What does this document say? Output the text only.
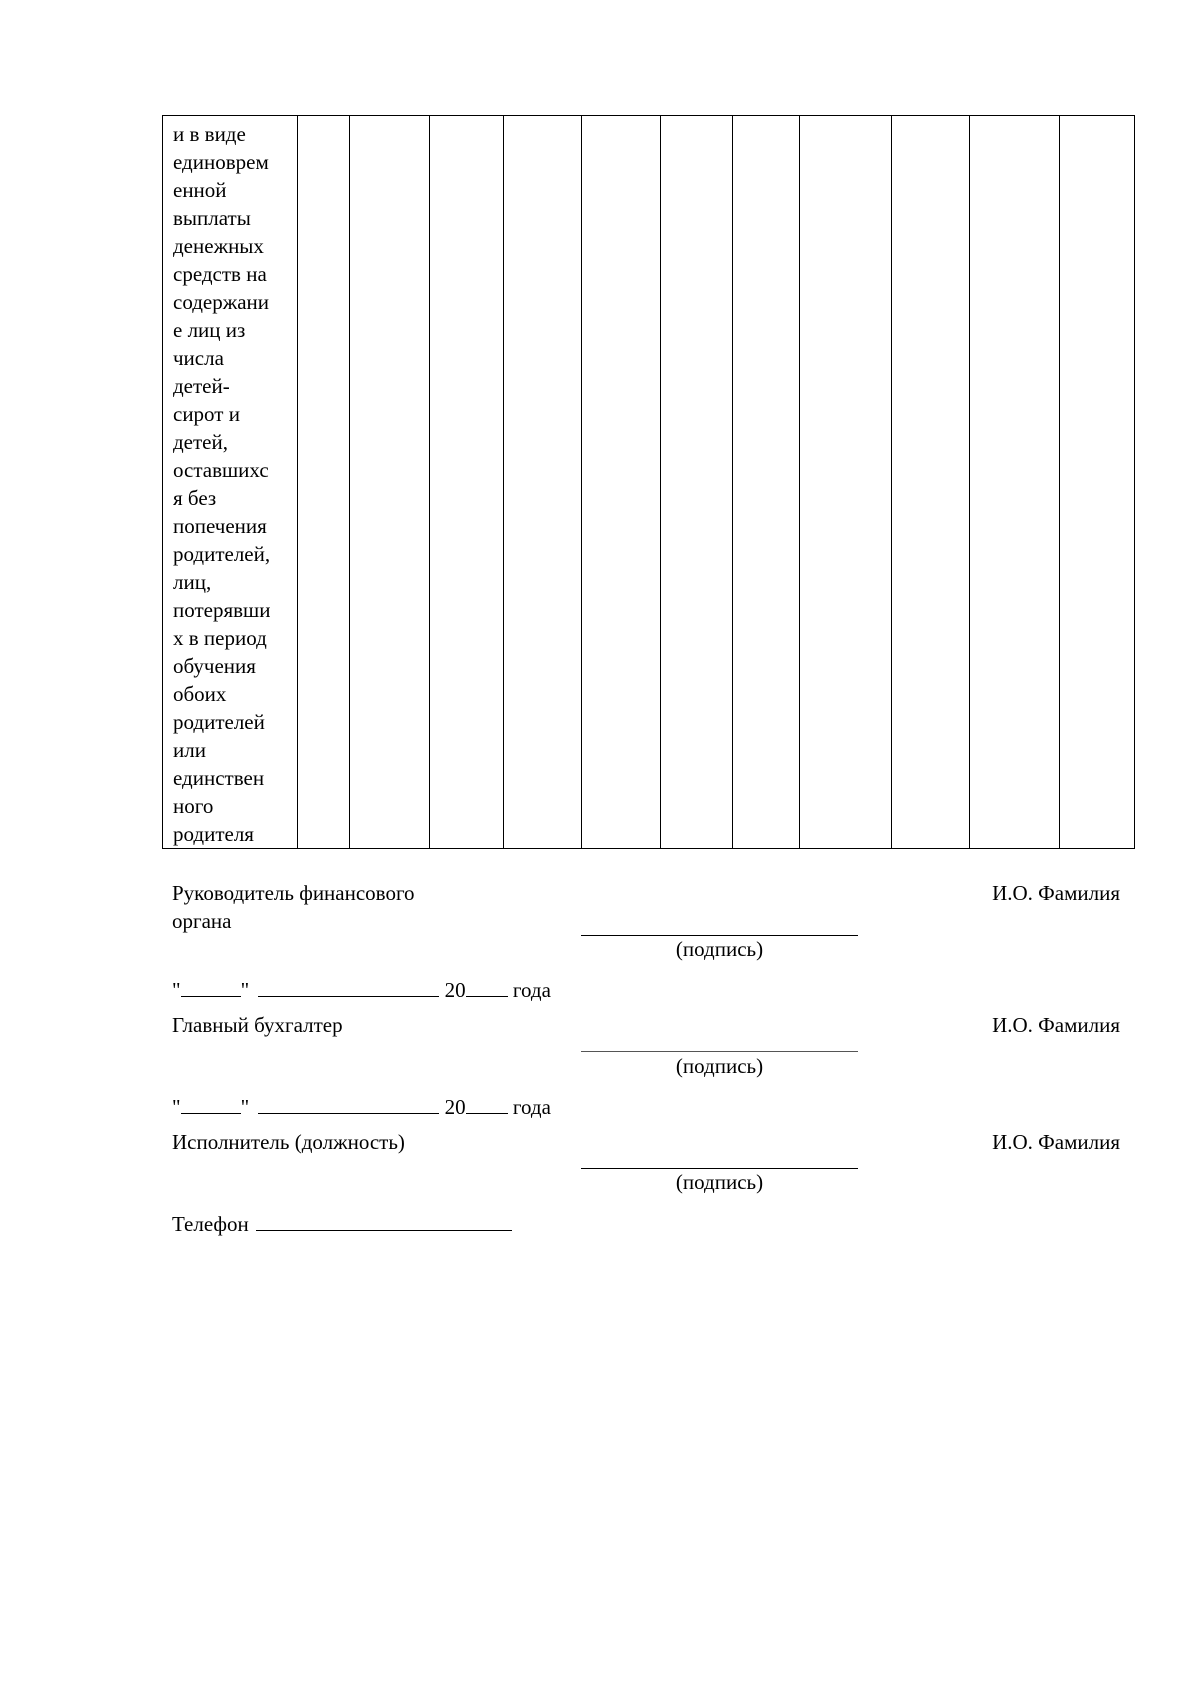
и в виде
единоврем
енной
выплаты
денежных
средств на
содержани
е лиц из
числа
детей-
сирот и
детей,
оставшихс
я без
попечения
родителей,
лиц,
потерявши
х в период
обучения
обоих
родителей
или
единствен
ного
родителя

Руководитель финансового
органа
И.О. Фамилия
(подпись)
"	"	20 года
Главный бухгалтер	И.О. Фамилия
(подпись)
"	"	20 года
Исполнитель (должность)	И.О. Фамилия
(подпись)
Телефон
